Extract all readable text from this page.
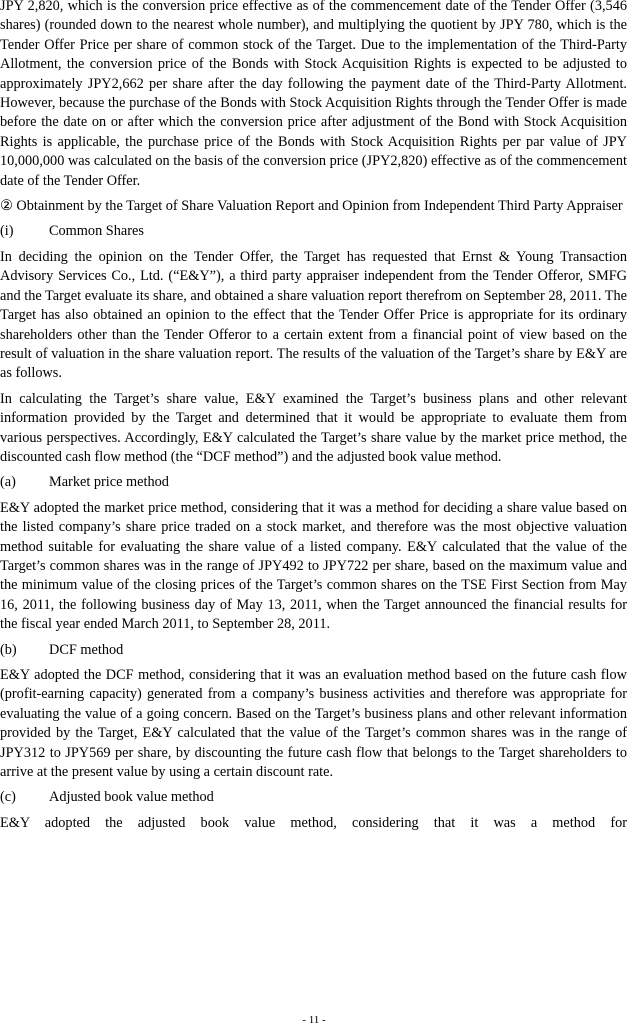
JPY 2,820, which is the conversion price effective as of the commencement date of the Tender Offer (3,546 shares) (rounded down to the nearest whole number), and multiplying the quotient by JPY 780, which is the Tender Offer Price per share of common stock of the Target. Due to the implementation of the Third-Party Allotment, the conversion price of the Bonds with Stock Acquisition Rights is expected to be adjusted to approximately JPY2,662 per share after the day following the payment date of the Third-Party Allotment. However, because the purchase of the Bonds with Stock Acquisition Rights through the Tender Offer is made before the date on or after which the conversion price after adjustment of the Bond with Stock Acquisition Rights is applicable, the purchase price of the Bonds with Stock Acquisition Rights per par value of JPY 10,000,000 was calculated on the basis of the conversion price (JPY2,820) effective as of the commencement date of the Tender Offer.

② Obtainment by the Target of Share Valuation Report and Opinion from Independent Third Party Appraiser
(i)	Common Shares

In deciding the opinion on the Tender Offer, the Target has requested that Ernst & Young Transaction Advisory Services Co., Ltd. (“E&Y”), a third party appraiser independent from the Tender Offeror, SMFG and the Target evaluate its share, and obtained a share valuation report therefrom on September 28, 2011. The Target has also obtained an opinion to the effect that the Tender Offer Price is appropriate for its ordinary shareholders other than the Tender Offeror to a certain extent from a financial point of view based on the result of valuation in the share valuation report. The results of the valuation of the Target’s share by E&Y are as follows.

In calculating the Target’s share value, E&Y examined the Target’s business plans and other relevant information provided by the Target and determined that it would be appropriate to evaluate them from various perspectives. Accordingly, E&Y calculated the Target’s share value by the market price method, the discounted cash flow method (the “DCF method”) and the adjusted book value method.

(a)	Market price method

E&Y adopted the market price method, considering that it was a method for deciding a share value based on the listed company’s share price traded on a stock market, and therefore was the most objective valuation method suitable for evaluating the share value of a listed company. E&Y calculated that the value of the Target’s common shares was in the range of JPY492 to JPY722 per share, based on the maximum value and the minimum value of the closing prices of the Target’s common shares on the TSE First Section from May 16, 2011, the following business day of May 13, 2011, when the Target announced the financial results for the fiscal year ended March 2011, to September 28, 2011.

(b)	DCF method

E&Y adopted the DCF method, considering that it was an evaluation method based on the future cash flow (profit-earning capacity) generated from a company’s business activities and therefore was appropriate for evaluating the value of a going concern. Based on the Target’s business plans and other relevant information provided by the Target, E&Y calculated that the value of the Target’s common shares was in the range of JPY312 to JPY569 per share, by discounting the future cash flow that belongs to the Target shareholders to arrive at the present value by using a certain discount rate.

(c)	Adjusted book value method

E&Y adopted the adjusted book value method, considering that it was a method for

- 11 -
